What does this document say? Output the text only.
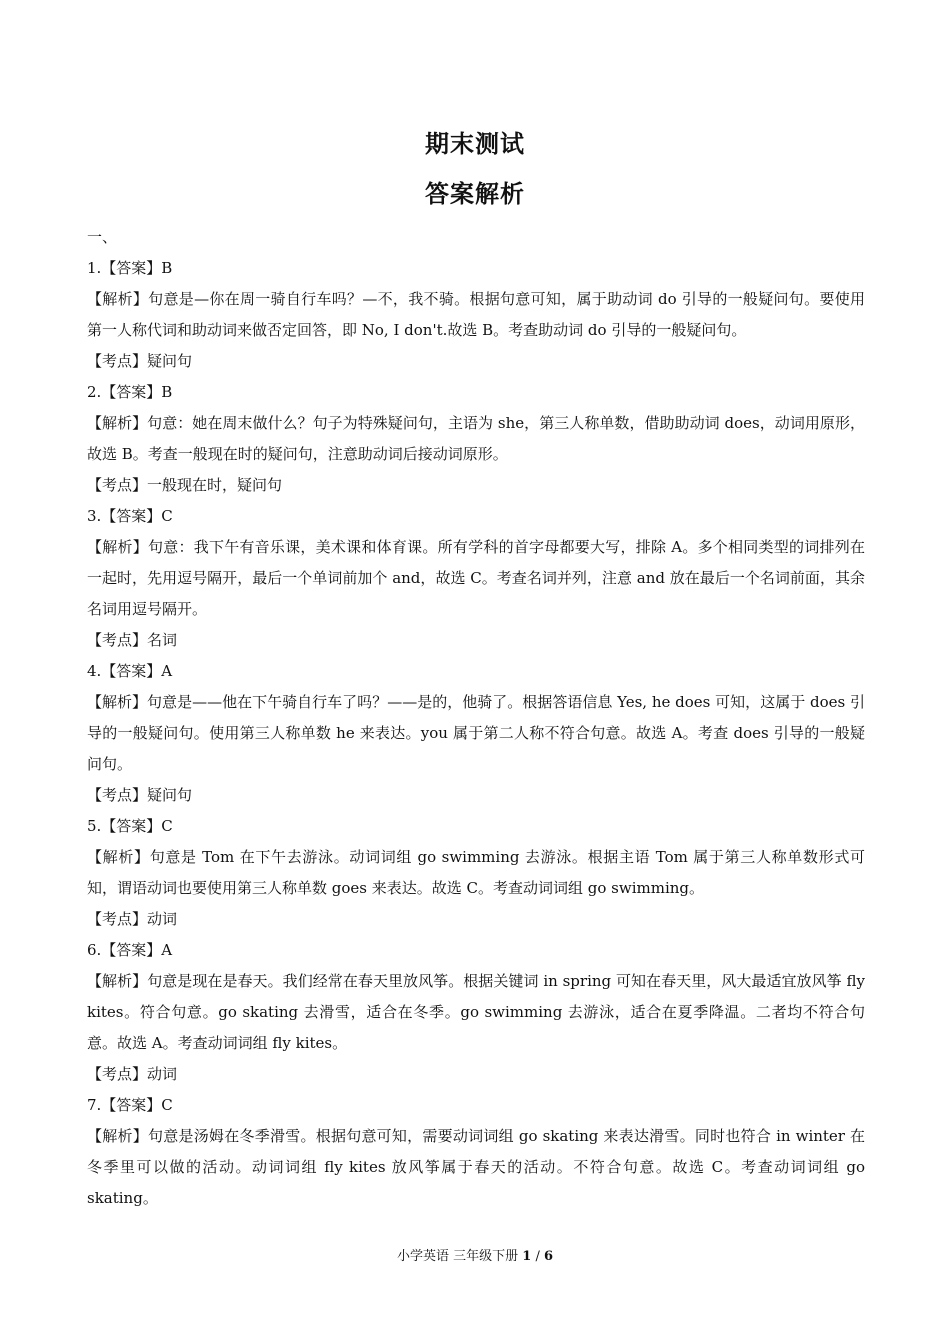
期末测试
答案解析
一、
1.【答案】B
【解析】句意是—你在周一骑自行车吗？—不，我不骑。根据句意可知，属于助动词 do 引导的一般疑问句。要使用第一人称代词和助动词来做否定回答，即 No, I don't.故选 B。考查助动词 do 引导的一般疑问句。
【考点】疑问句
2.【答案】B
【解析】句意：她在周末做什么？句子为特殊疑问句，主语为 she，第三人称单数，借助助动词 does，动词用原形，故选 B。考查一般现在时的疑问句，注意助动词后接动词原形。
【考点】一般现在时，疑问句
3.【答案】C
【解析】句意：我下午有音乐课，美术课和体育课。所有学科的首字母都要大写，排除 A。多个相同类型的词排列在一起时，先用逗号隔开，最后一个单词前加个 and，故选 C。考查名词并列，注意 and 放在最后一个名词前面，其余名词用逗号隔开。
【考点】名词
4.【答案】A
【解析】句意是——他在下午骑自行车了吗？——是的，他骑了。根据答语信息 Yes, he does 可知，这属于 does 引导的一般疑问句。使用第三人称单数 he 来表达。you 属于第二人称不符合句意。故选 A。考查 does 引导的一般疑问句。
【考点】疑问句
5.【答案】C
【解析】句意是 Tom 在下午去游泳。动词词组 go swimming 去游泳。根据主语 Tom 属于第三人称单数形式可知，谓语动词也要使用第三人称单数 goes 来表达。故选 C。考查动词词组 go swimming。
【考点】动词
6.【答案】A
【解析】句意是现在是春天。我们经常在春天里放风筝。根据关键词 in spring 可知在春天里，风大最适宜放风筝 fly kites。符合句意。go skating 去滑雪，适合在冬季。go swimming 去游泳，适合在夏季降温。二者均不符合句意。故选 A。考查动词词组 fly kites。
【考点】动词
7.【答案】C
【解析】句意是汤姆在冬季滑雪。根据句意可知，需要动词词组 go skating 来表达滑雪。同时也符合 in winter 在冬季里可以做的活动。动词词组 fly kites 放风筝属于春天的活动。不符合句意。故选 C。考查动词词组 go skating。
小学英语 三年级下册 1 / 6
